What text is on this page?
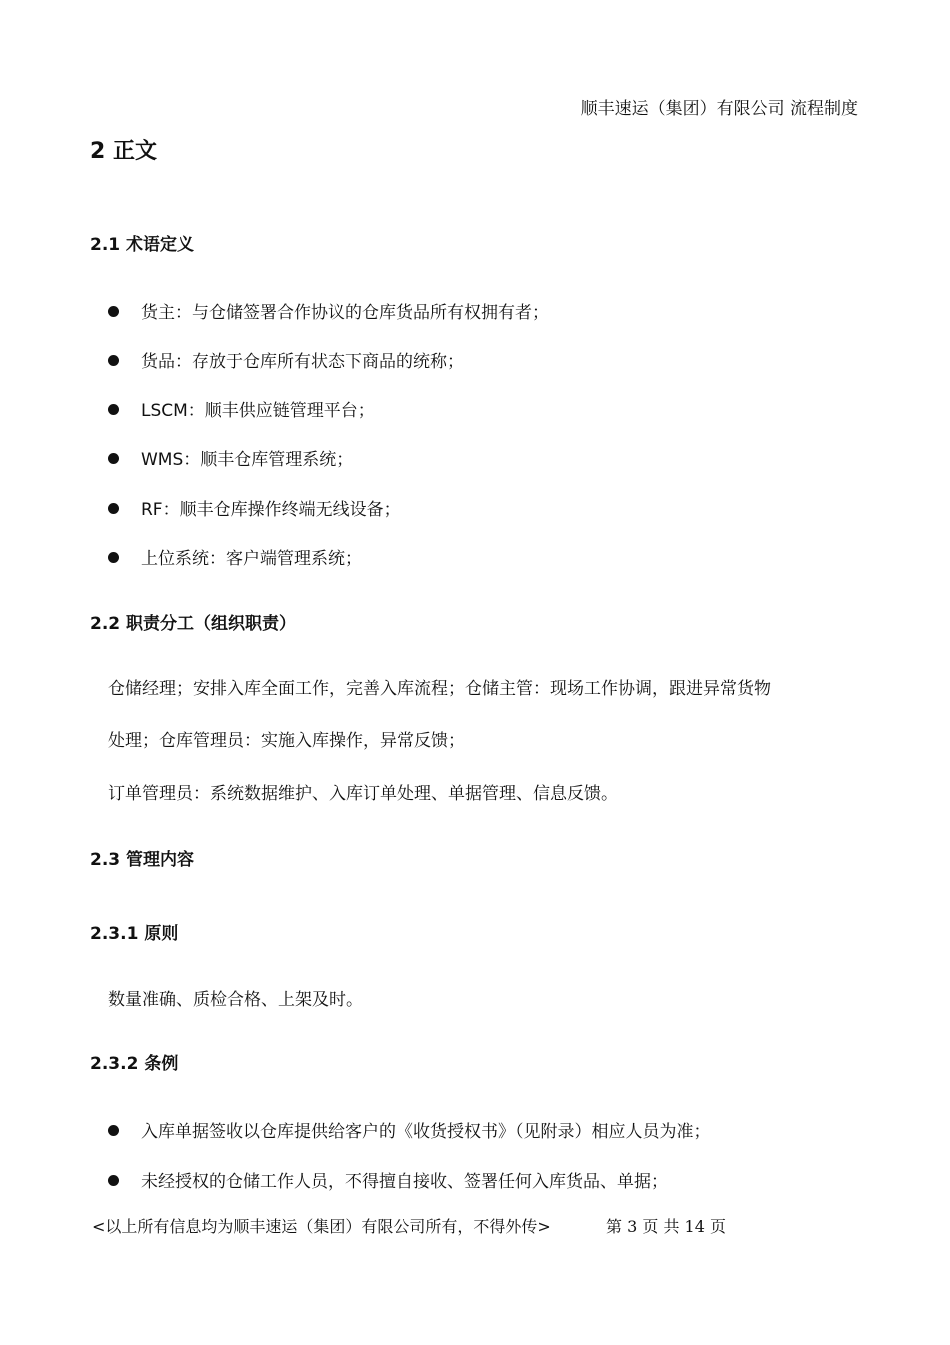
顺丰速运（集团）有限公司 流程制度
2 正文
2.1 术语定义
货主：与仓储签署合作协议的仓库货品所有权拥有者；
货品：存放于仓库所有状态下商品的统称；
LSCM：顺丰供应链管理平台；
WMS：顺丰仓库管理系统；
RF：顺丰仓库操作终端无线设备；
上位系统：客户端管理系统；
2.2 职责分工（组织职责）
仓储经理；安排入库全面工作，完善入库流程；仓储主管：现场工作协调，跟进异常货物
处理；仓库管理员：实施入库操作，异常反馈；
订单管理员：系统数据维护、入库订单处理、单据管理、信息反馈。
2.3 管理内容
2.3.1 原则
数量准确、质检合格、上架及时。
2.3.2 条例
入库单据签收以仓库提供给客户的《收货授权书》（见附录）相应人员为准；
未经授权的仓储工作人员，不得擅自接收、签署任何入库货品、单据；
<以上所有信息均为顺丰速运（集团）有限公司所有，不得外传>	第 3 页 共 14 页
